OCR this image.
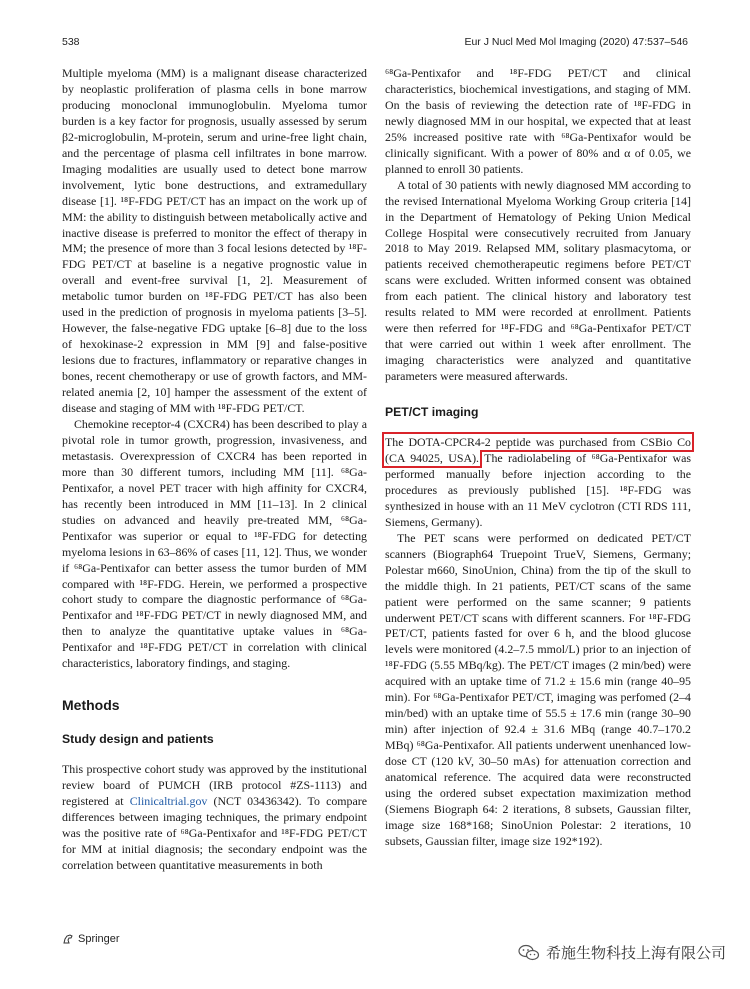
538	Eur J Nucl Med Mol Imaging (2020) 47:537–546

Multiple myeloma (MM) is a malignant disease characterized by neoplastic proliferation of plasma cells in bone marrow producing monoclonal immunoglobulin. Myeloma tumor burden is a key factor for prognosis, usually assessed by serum β2-microglobulin, M-protein, serum and urine-free light chain, and the percentage of plasma cell infiltrates in bone marrow. Imaging modalities are usually used to detect bone marrow involvement, lytic bone destructions, and extramedullary disease [1]. ¹⁸F-FDG PET/CT has an impact on the work up of MM: the ability to distinguish between metabolically active and inactive disease is preferred to monitor the effect of therapy in MM; the presence of more than 3 focal lesions detected by ¹⁸F-FDG PET/CT at baseline is a negative prognostic value in overall and event-free survival [1, 2]. Measurement of metabolic tumor burden on ¹⁸F-FDG PET/CT has also been used in the prediction of prognosis in myeloma patients [3–5]. However, the false-negative FDG uptake [6–8] due to the loss of hexokinase-2 expression in MM [9] and false-positive lesions due to fractures, inflammatory or reparative changes in bones, recent chemotherapy or use of growth factors, and MM-related anemia [2, 10] hamper the assessment of the extent of disease and staging of MM with ¹⁸F-FDG PET/CT.

Chemokine receptor-4 (CXCR4) has been described to play a pivotal role in tumor growth, progression, invasiveness, and metastasis. Overexpression of CXCR4 has been reported in more than 30 different tumors, including MM [11]. ⁶⁸Ga-Pentixafor, a novel PET tracer with high affinity for CXCR4, has recently been introduced in MM [11–13]. In 2 clinical studies on advanced and heavily pre-treated MM, ⁶⁸Ga-Pentixafor was superior or equal to ¹⁸F-FDG for detecting myeloma lesions in 63–86% of cases [11, 12]. Thus, we wonder if ⁶⁸Ga-Pentixafor can better assess the tumor burden of MM compared with ¹⁸F-FDG. Herein, we performed a prospective cohort study to compare the diagnostic performance of ⁶⁸Ga-Pentixafor and ¹⁸F-FDG PET/CT in newly diagnosed MM, and then to analyze the quantitative uptake values in ⁶⁸Ga-Pentixafor and ¹⁸F-FDG PET/CT in correlation with clinical characteristics, laboratory findings, and staging.

Methods
Study design and patients

This prospective cohort study was approved by the institutional review board of PUMCH (IRB protocol #ZS-1113) and registered at Clinicaltrial.gov (NCT 03436342). To compare differences between imaging techniques, the primary endpoint was the positive rate of ⁶⁸Ga-Pentixafor and ¹⁸F-FDG PET/CT for MM at initial diagnosis; the secondary endpoint was the correlation between quantitative measurements in both

⁶⁸Ga-Pentixafor and ¹⁸F-FDG PET/CT and clinical characteristics, biochemical investigations, and staging of MM. On the basis of reviewing the detection rate of ¹⁸F-FDG in newly diagnosed MM in our hospital, we expected that at least 25% increased positive rate with ⁶⁸Ga-Pentixafor would be clinically significant. With a power of 80% and α of 0.05, we planned to enroll 30 patients.

A total of 30 patients with newly diagnosed MM according to the revised International Myeloma Working Group criteria [14] in the Department of Hematology of Peking Union Medical College Hospital were consecutively recruited from January 2018 to May 2019. Relapsed MM, solitary plasmacytoma, or patients received chemotherapeutic regimens before PET/CT scans were excluded. Written informed consent was obtained from each patient. The clinical history and laboratory test results related to MM were recorded at enrollment. Patients were then referred for ¹⁸F-FDG and ⁶⁸Ga-Pentixafor PET/CT that were carried out within 1 week after enrollment. The imaging characteristics were analyzed and quantitative parameters were measured afterwards.

PET/CT imaging

The DOTA-CPCR4-2 peptide was purchased from CSBio Co (CA 94025, USA). The radiolabeling of ⁶⁸Ga-Pentixafor was performed manually before injection according to the procedures as previously published [15]. ¹⁸F-FDG was synthesized in house with an 11 MeV cyclotron (CTI RDS 111, Siemens, Germany).

The PET scans were performed on dedicated PET/CT scanners (Biograph64 Truepoint TrueV, Siemens, Germany; Polestar m660, SinoUnion, China) from the tip of the skull to the middle thigh. In 21 patients, PET/CT scans of the same patient were performed on the same scanner; 9 patients underwent PET/CT scans with different scanners. For ¹⁸F-FDG PET/CT, patients fasted for over 6 h, and the blood glucose levels were monitored (4.2–7.5 mmol/L) prior to an injection of ¹⁸F-FDG (5.55 MBq/kg). The PET/CT images (2 min/bed) were acquired with an uptake time of 71.2 ± 15.6 min (range 40–95 min). For ⁶⁸Ga-Pentixafor PET/CT, imaging was perfomed (2–4 min/bed) with an uptake time of 55.5 ± 17.6 min (range 30–90 min) after injection of 92.4 ± 31.6 MBq (range 40.7–170.2 MBq) ⁶⁸Ga-Pentixafor. All patients underwent unenhanced low-dose CT (120 kV, 30–50 mAs) for attenuation correction and anatomical reference. The acquired data were reconstructed using the ordered subset expectation maximization method (Siemens Biograph 64: 2 iterations, 8 subsets, Gaussian filter, image size 168*168; SinoUnion Polestar: 2 iterations, 10 subsets, Gaussian filter, image size 192*192).

Springer
希施生物科技上海有限公司
